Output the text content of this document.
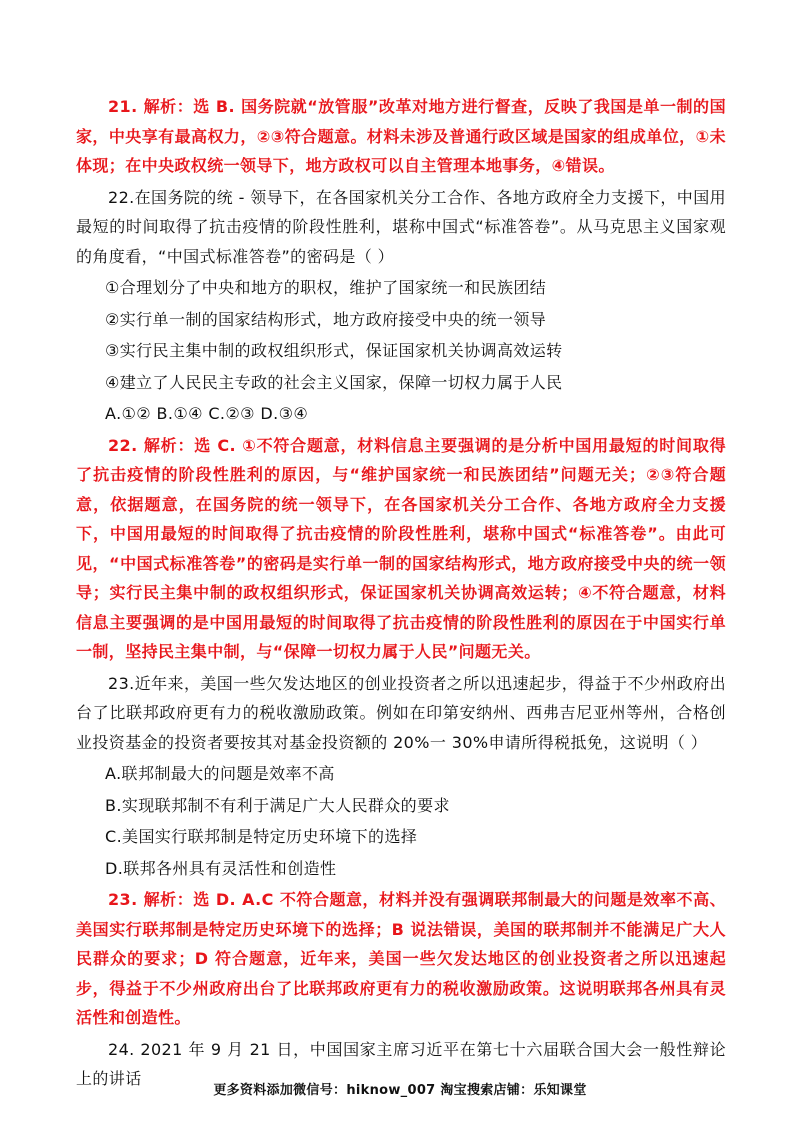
21. 解析：选 B. 国务院就“放管服”改革对地方进行督查，反映了我国是单一制的国家，中央享有最高权力，②③符合题意。材料未涉及普通行政区域是国家的组成单位，①未体现；在中央政权统一领导下，地方政权可以自主管理本地事务，④错误。

22.在国务院的统 - 领导下，在各国家机关分工合作、各地方政府全力支援下，中国用最短的时间取得了抗击疫情的阶段性胜利，堪称中国式“标准答卷”。从马克思主义国家观的角度看，“中国式标准答卷”的密码是（ ）

①合理划分了中央和地方的职权，维护了国家统一和民族团结

②实行单一制的国家结构形式，地方政府接受中央的统一领导

③实行民主集中制的政权组织形式，保证国家机关协调高效运转

④建立了人民民主专政的社会主义国家，保障一切权力属于人民

A.①② B.①④ C.②③ D.③④

22. 解析：选 C. ①不符合题意，材料信息主要强调的是分析中国用最短的时间取得了抗击疫情的阶段性胜利的原因，与“维护国家统一和民族团结”问题无关；②③符合题意，依据题意，在国务院的统一领导下，在各国家机关分工合作、各地方政府全力支援下，中国用最短的时间取得了抗击疫情的阶段性胜利，堪称中国式“标准答卷”。由此可见，“中国式标准答卷”的密码是实行单一制的国家结构形式，地方政府接受中央的统一领导；实行民主集中制的政权组织形式，保证国家机关协调高效运转；④不符合题意，材料信息主要强调的是中国用最短的时间取得了抗击疫情的阶段性胜利的原因在于中国实行单一制，坚持民主集中制，与“保障一切权力属于人民”问题无关。

23.近年来，美国一些欠发达地区的创业投资者之所以迅速起步，得益于不少州政府出台了比联邦政府更有力的税收激励政策。例如在印第安纳州、西弗吉尼亚州等州，合格创业投资基金的投资者要按其对基金投资额的 20%一 30%申请所得税抵免，这说明（ ）

A.联邦制最大的问题是效率不高

B.实现联邦制不有利于满足广大人民群众的要求

C.美国实行联邦制是特定历史环境下的选择

D.联邦各州具有灵活性和创造性

23. 解析：选 D. A.C 不符合题意，材料并没有强调联邦制最大的问题是效率不高、美国实行联邦制是特定历史环境下的选择；B 说法错误，美国的联邦制并不能满足广大人民群众的要求；D 符合题意，近年来，美国一些欠发达地区的创业投资者之所以迅速起步，得益于不少州政府出台了比联邦政府更有力的税收激励政策。这说明联邦各州具有灵活性和创造性。

24. 2021 年 9 月 21 日，中国国家主席习近平在第七十六届联合国大会一般性辩论上的讲话

更多资料添加微信号：hiknow_007 淘宝搜索店铺：乐知课堂
